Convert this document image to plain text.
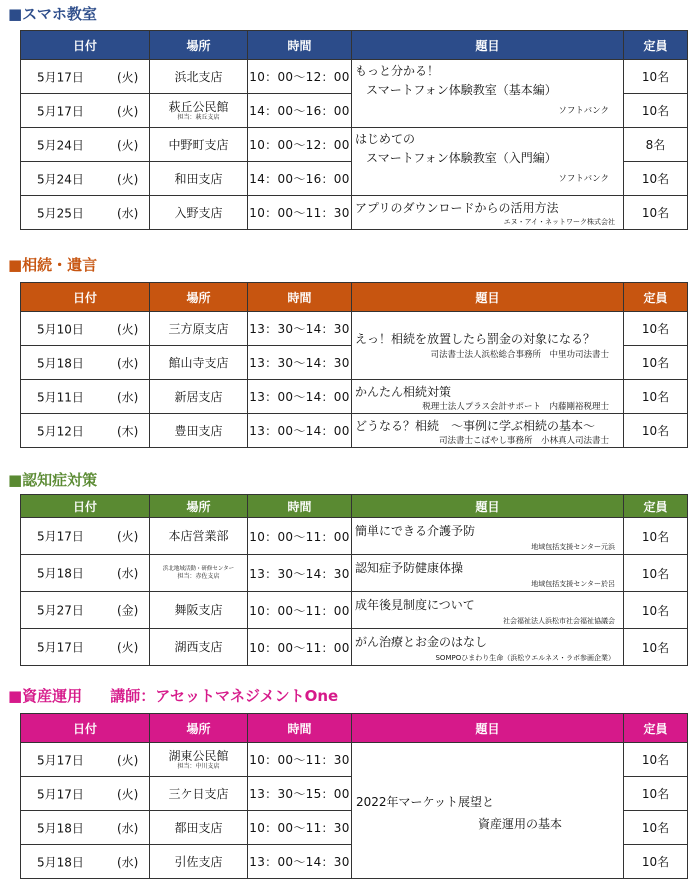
■スマホ教室
日付	場所	時間	題目	定員

5月17日 (火)	浜北支店	10：00〜12：00	もっと分かる！
スマートフォン体験教室（基本編）
ソフトバンク	10名

5月17日 (火)	萩丘公民館
担当：萩丘支店	14：00〜16：00		10名

5月24日 (火)	中野町支店	10：00〜12：00	はじめての
スマートフォン体験教室（入門編）
ソフトバンク	8名

5月24日 (火)	和田支店	14：00〜16：00		10名

5月25日 (水)	入野支店	10：00〜11：30	アプリのダウンロードからの活用方法
エヌ・アイ・ネットワーク株式会社	10名
■相続・遺言
日付	場所	時間	題目	定員

5月10日 (火)	三方原支店	13：30〜14：30	えっ！相続を放置したら罰金の対象になる？
司法書士法人浜松総合事務所　中里功司法書士	10名

5月18日 (水)	館山寺支店	13：30〜14：30		10名

5月11日 (水)	新居支店	13：00〜14：00	かんたん相続対策
税理士法人プラス会計サポート　内藤剛裕税理士	10名

5月12日 (木)	豊田支店	13：00〜14：00	どうなる？相続　〜事例に学ぶ相続の基本〜
司法書士こばやし事務所　小林真人司法書士	10名
■認知症対策
日付	場所	時間	題目	定員

5月17日 (火)	本店営業部	10：00〜11：00	簡単にできる介護予防
地域包括支援センター元浜	10名

5月18日 (水)	浜北地域活動・研修センター
担当：赤佐支店	13：30〜14：30	認知症予防健康体操
地域包括支援センター於呂	10名

5月27日 (金)	舞阪支店	10：00〜11：00	成年後見制度について
社会福祉法人浜松市社会福祉協議会	10名

5月17日 (火)	湖西支店	10：00〜11：00	がん治療とお金のはなし
SOMPOひまわり生命（浜松ウエルネス・ラボ参画企業）	10名
■資産運用 講師：アセットマネジメントOne
日付	場所	時間	題目	定員

5月17日 (火)	湖東公民館
担当：中川支店	10：00〜11：30	2022年マーケット展望と
資産運用の基本	10名

5月17日 (火)	三ケ日支店	13：30〜15：00		10名

5月18日 (水)	都田支店	10：00〜11：30		10名

5月18日 (水)	引佐支店	13：00〜14：30		10名
